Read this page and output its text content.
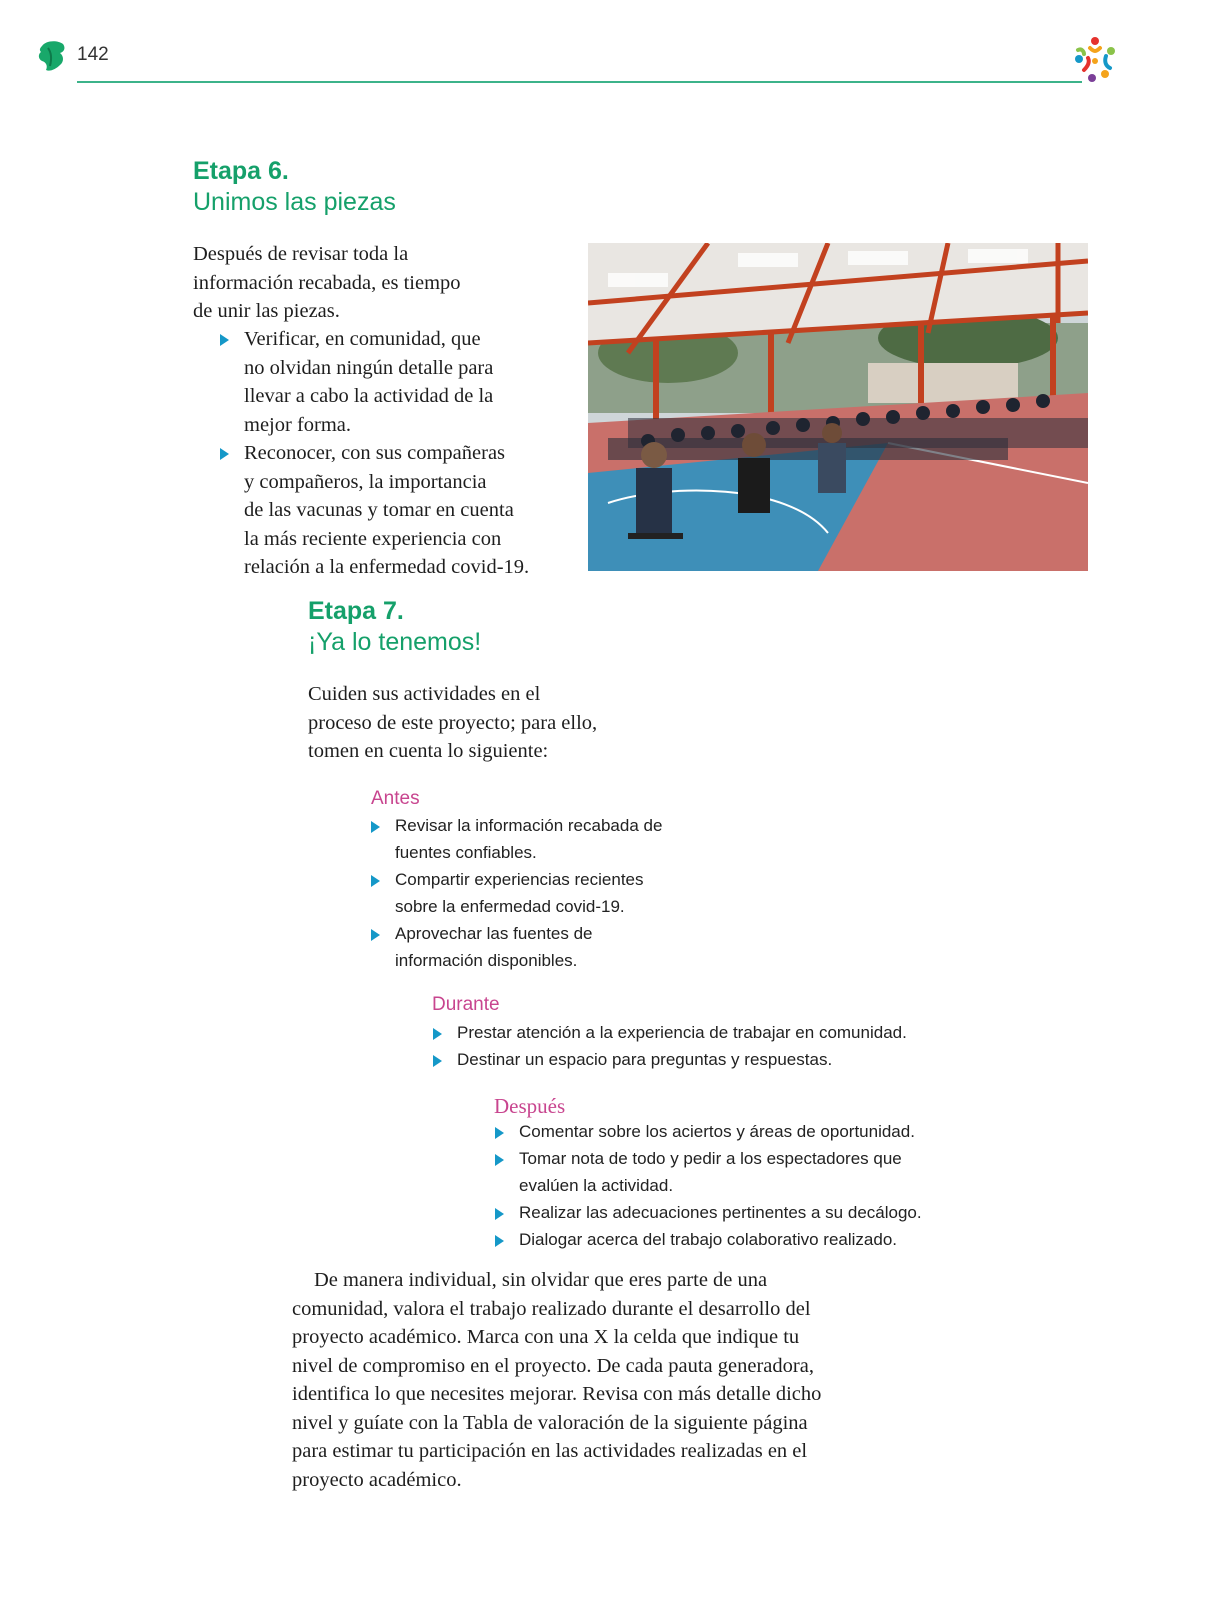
142
Etapa 6.
Unimos las piezas
Después de revisar toda la
información recabada, es tiempo
de unir las piezas.
Verificar, en comunidad, que
no olvidan ningún detalle para
llevar a cabo la actividad de la
mejor forma.
Reconocer, con sus compañeras
y compañeros, la importancia
de las vacunas y tomar en cuenta
la más reciente experiencia con
relación a la enfermedad covid-19.
Etapa 7.
¡Ya lo tenemos!
Cuiden sus actividades en el
proceso de este proyecto; para ello,
tomen en cuenta lo siguiente:
Antes
Revisar la información recabada de
fuentes confiables.
Compartir experiencias recientes
sobre la enfermedad covid-19.
Aprovechar las fuentes de
información disponibles.
Durante
Prestar atención a la experiencia de trabajar en comunidad.
Destinar un espacio para preguntas y respuestas.
Después
Comentar sobre los aciertos y áreas de oportunidad.
Tomar nota de todo y pedir a los espectadores que
evalúen la actividad.
Realizar las adecuaciones pertinentes a su decálogo.
Dialogar acerca del trabajo colaborativo realizado.
De manera individual, sin olvidar que eres parte de una
comunidad, valora el trabajo realizado durante el desarrollo del
proyecto académico. Marca con una X la celda que indique tu
nivel de compromiso en el proyecto. De cada pauta generadora,
identifica lo que necesites mejorar. Revisa con más detalle dicho
nivel y guíate con la Tabla de valoración de la siguiente página
para estimar tu participación en las actividades realizadas en el
proyecto académico.
